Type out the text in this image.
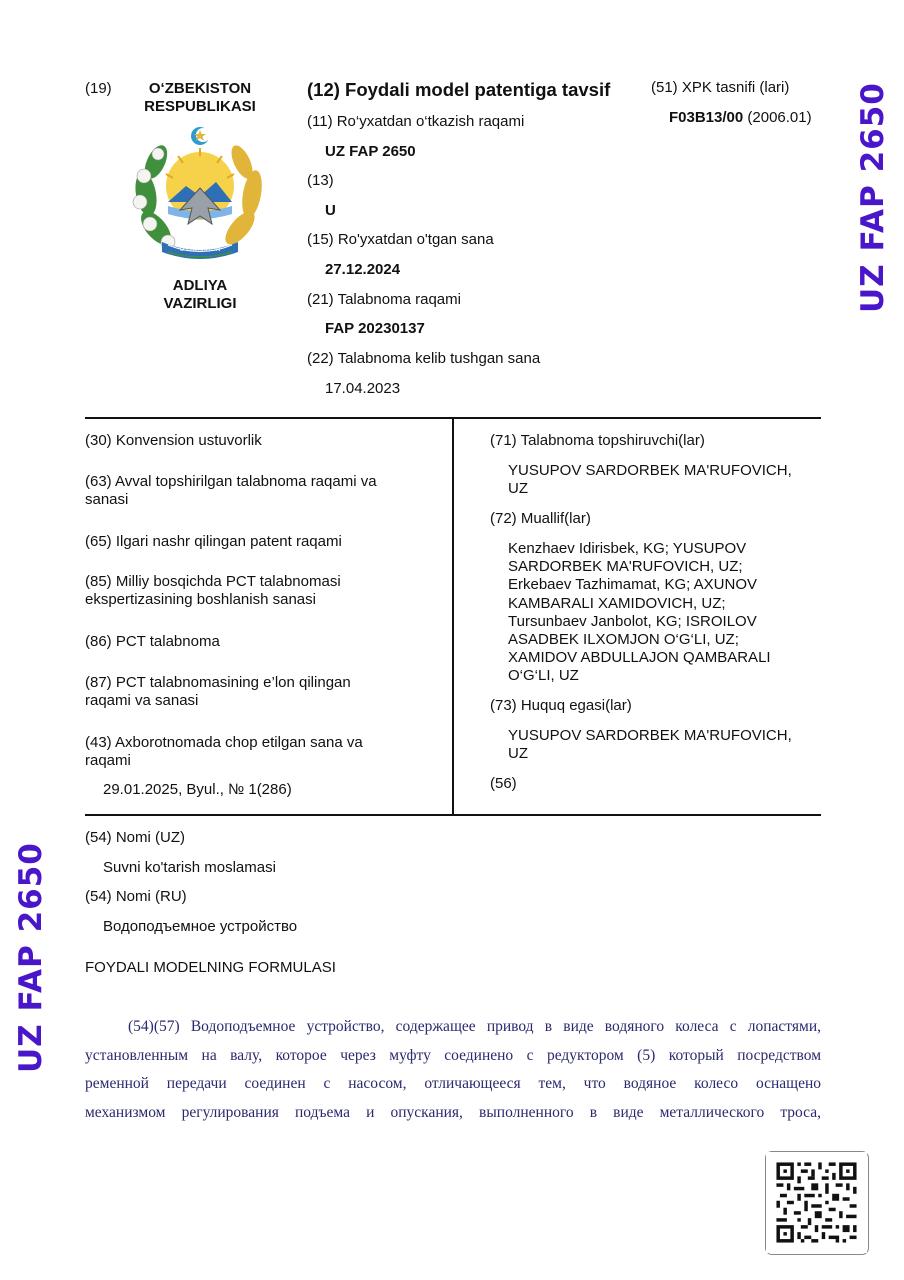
UZ FAP 2650
UZ FAP 2650
(19)	O‘ZBEKISTON
RESPUBLIKASI
O'ZBEKISTON
ADLIYA
VAZIRLIGI
(12) Foydali model patentiga tavsif
(11) Ro‘yxatdan o‘tkazish raqami
UZ FAP 2650
(13)
U
(15) Ro'yxatdan o'tgan sana
27.12.2024
(21) Talabnoma raqami
FAP 20230137
(22) Talabnoma kelib tushgan sana
17.04.2023
(51) XPK tasnifi (lari)
F03B13/00 (2006.01)
(30) Konvension ustuvorlik
(63) Avval topshirilgan talabnoma raqami va
sanasi
(65) Ilgari nashr qilingan patent raqami
(85) Milliy bosqichda PCT talabnomasi
ekspertizasining boshlanish sanasi
(86) PCT talabnoma
(87) PCT talabnomasining e’lon qilingan
raqami va sanasi
(43) Axborotnomada chop etilgan sana va
raqami
29.01.2025, Byul., № 1(286)
(71) Talabnoma topshiruvchi(lar)
YUSUPOV SARDORBEK MA'RUFOVICH,
UZ
(72) Muallif(lar)
Kenzhaev Idirisbek, KG; YUSUPOV
SARDORBEK MA'RUFOVICH, UZ;
Erkebaev Tazhimamat, KG; AXUNOV
KAMBARALI XAMIDOVICH, UZ;
Tursunbaev Janbolot, KG; ISROILOV
ASADBEK ILXOMJON O‘G‘LI, UZ;
XAMIDOV ABDULLAJON QAMBARALI
O‘G‘LI, UZ
(73) Huquq egasi(lar)
YUSUPOV SARDORBEK MA'RUFOVICH,
UZ
(56)
(54) Nomi (UZ)
Suvni ko'tarish moslamasi
(54) Nomi (RU)
Водоподъемное устройство
FOYDALI MODELNING FORMULASI
(54)(57) Водоподъемное устройство, содержащее привод в виде водяного колеса с лопастями,
установленным на валу, которое через муфту соединено с редуктором (5) который посредством
ременной передачи соединен с насосом, отличающееся тем, что водяное колесо оснащено
механизмом регулирования подъема и опускания, выполненного в виде металлического троса,
